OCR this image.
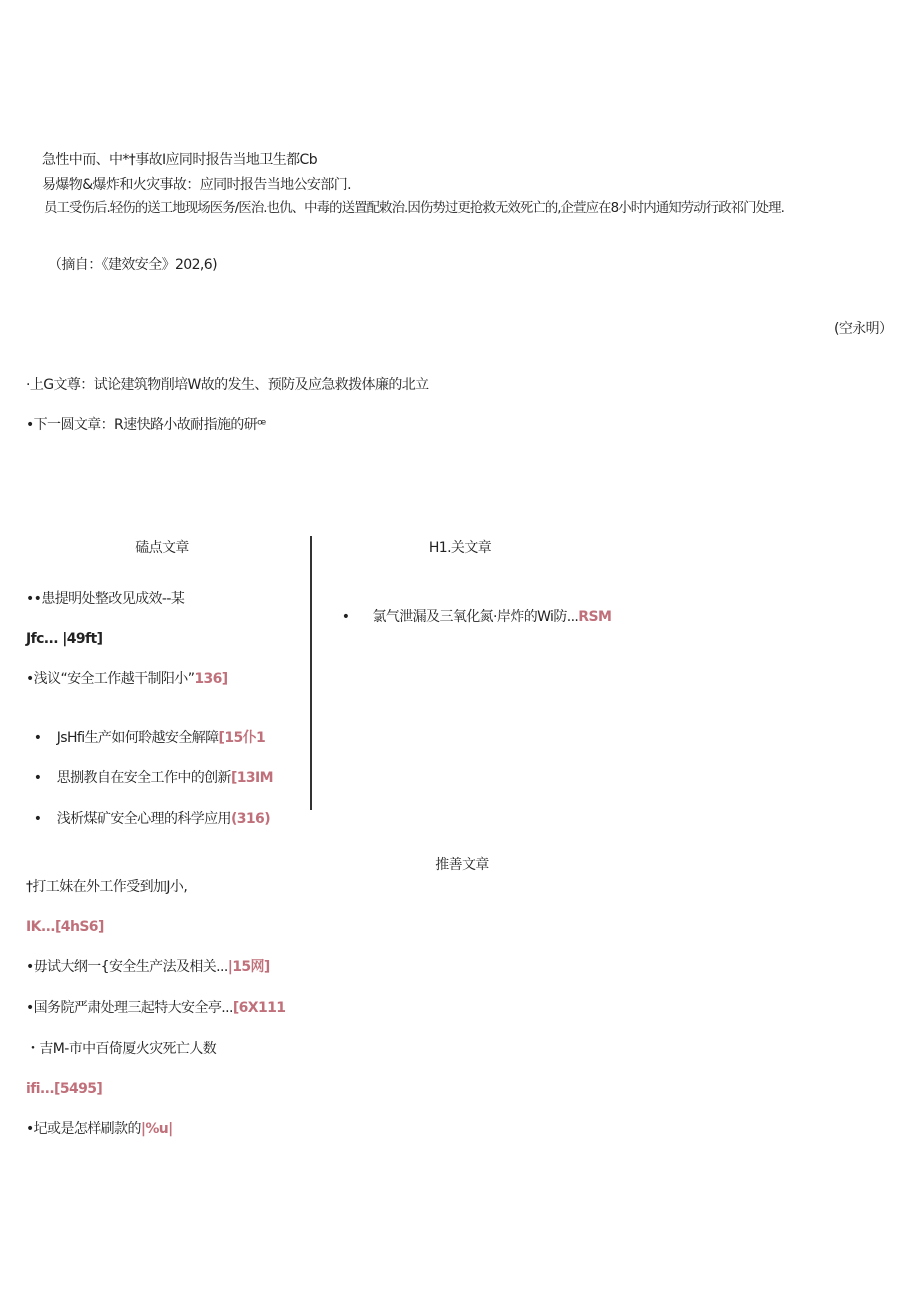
急性中而、中*†事故I应同时报告当地卫生都Cb
易爆物&爆炸和火灾事故：应同时报告当地公安部门.
员工受伤后.轻伤的送工地现场医务/医治.也仇、中毒的送置配敕治.因伤势过更抢救无效死亡的,企萱应在8小时内通知劳动行政祁门处理.
（摘自：《建效安全》202,6)
(空永明）
·上G文尊：试论建筑物削培W故的发生、预防及应急救拨体廉的北立
•下一圆文章：R速快路小故耐指施的研ꟹ
磕点文章
••患提明处整改见成效--某
Jfc... |49ft]
•浅议“安全工作越干制阳小”136]

•    JsHfi生产如何聆越安全解障[15仆1

•    思捌教自在安全工作中的创新[13IM

•    浅析煤矿安全心理的科学应用(316)

H1.关文章

•      氯气泄漏及三氧化氮·岸炸的Wi防...RSM

推善文章
†打工妹在外工作受到加J小,
IK...[4hS6]
•毋试大纲一{安全生产法及相关...|15网]
•国务院严肃处理三起特大安全亭...[6X111
・吉M-市中百倚厦火灾死亡人数
ifi...[5495]
•圮或是怎样刷款的|%u|
